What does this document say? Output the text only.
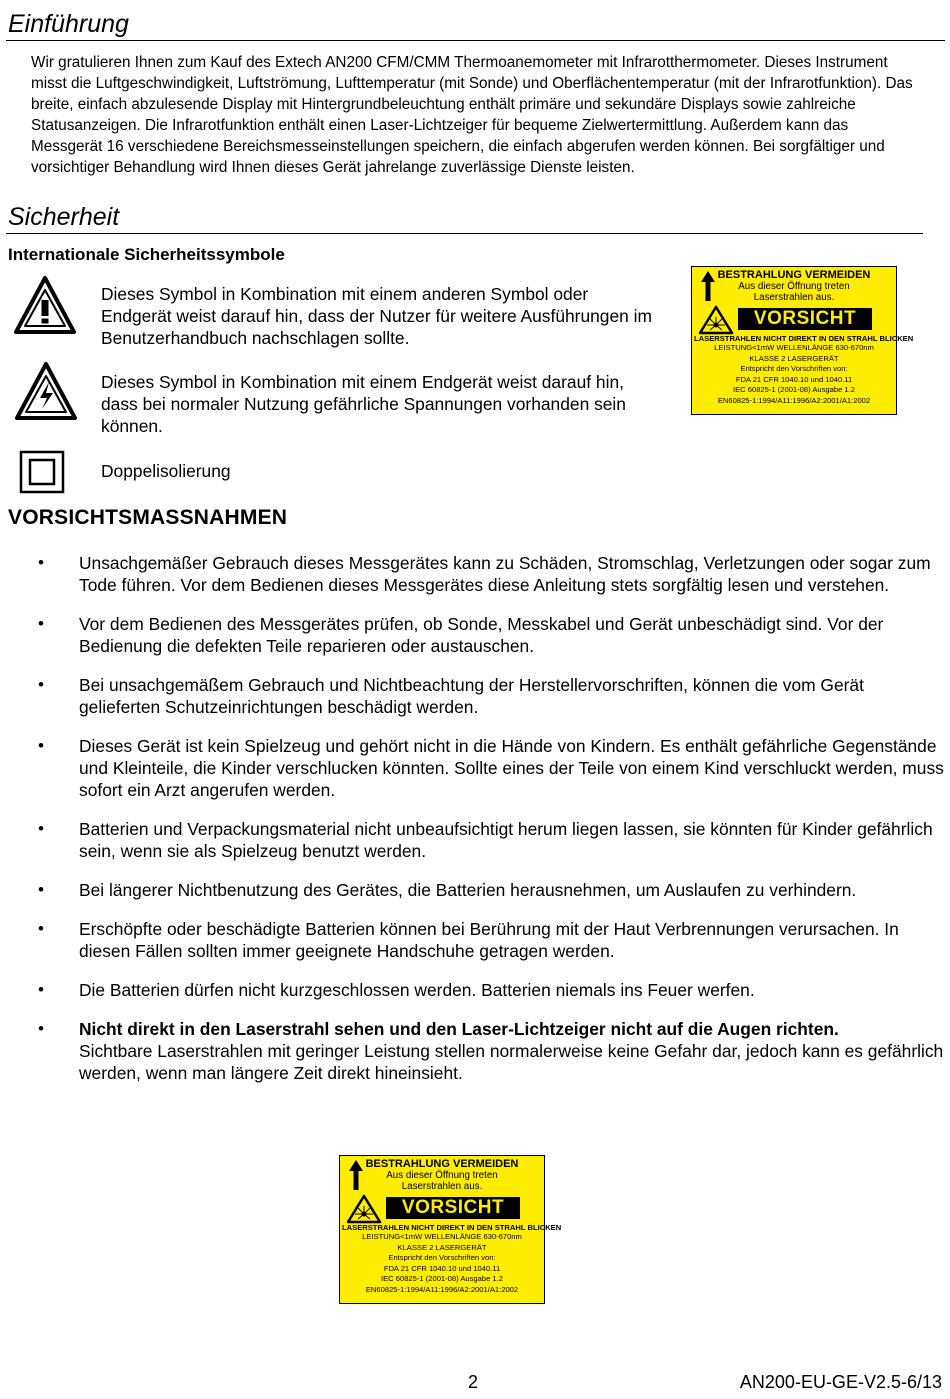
Einführung

Wir gratulieren Ihnen zum Kauf des Extech AN200 CFM/CMM Thermoanemometer mit Infrarotthermometer. Dieses Instrument misst die Luftgeschwindigkeit, Luftströmung, Lufttemperatur (mit Sonde) und Oberflächentemperatur (mit der Infrarotfunktion). Das breite, einfach abzulesende Display mit Hintergrundbeleuchtung enthält primäre und sekundäre Displays sowie zahlreiche Statusanzeigen. Die Infrarotfunktion enthält einen Laser-Lichtzeiger für bequeme Zielwertermittlung. Außerdem kann das Messgerät 16 verschiedene Bereichsmesseinstellungen speichern, die einfach abgerufen werden können. Bei sorgfältiger und vorsichtiger Behandlung wird Ihnen dieses Gerät jahrelange zuverlässige Dienste leisten.

Sicherheit

Internationale Sicherheitssymbole

Dieses Symbol in Kombination mit einem anderen Symbol oder Endgerät weist darauf hin, dass der Nutzer für weitere Ausführungen im Benutzerhandbuch nachschlagen sollte.

Dieses Symbol in Kombination mit einem Endgerät weist darauf hin, dass bei normaler Nutzung gefährliche Spannungen vorhanden sein können.

Doppelisolierung

BESTRAHLUNG VERMEIDEN
Aus dieser Öffnung treten
Laserstrahlen aus.
VORSICHT
LASERSTRAHLEN NICHT DIREKT IN DEN STRAHL BLICKEN
LEISTUNG<1mW WELLENLÄNGE 630-670nm
KLASSE 2 LASERGERÄT
Entspricht den Vorschriften von:
FDA 21 CFR 1040.10 und 1040.11
IEC 60825-1 (2001-08) Ausgabe 1.2
EN60825-1:1994/A11:1996/A2:2001/A1:2002
VORSICHTSMASSNAHMEN
• Unsachgemäßer Gebrauch dieses Messgerätes kann zu Schäden, Stromschlag, Verletzungen oder sogar zum Tode führen. Vor dem Bedienen dieses Messgerätes diese Anleitung stets sorgfältig lesen und verstehen.
• Vor dem Bedienen des Messgerätes prüfen, ob Sonde, Messkabel und Gerät unbeschädigt sind. Vor der Bedienung die defekten Teile reparieren oder austauschen.
• Bei unsachgemäßem Gebrauch und Nichtbeachtung der Herstellervorschriften, können die vom Gerät gelieferten Schutzeinrichtungen beschädigt werden.
• Dieses Gerät ist kein Spielzeug und gehört nicht in die Hände von Kindern. Es enthält gefährliche Gegenstände und Kleinteile, die Kinder verschlucken könnten. Sollte eines der Teile von einem Kind verschluckt werden, muss sofort ein Arzt angerufen werden.
• Batterien und Verpackungsmaterial nicht unbeaufsichtigt herum liegen lassen, sie könnten für Kinder gefährlich sein, wenn sie als Spielzeug benutzt werden.
• Bei längerer Nichtbenutzung des Gerätes, die Batterien herausnehmen, um Auslaufen zu verhindern.
• Erschöpfte oder beschädigte Batterien können bei Berührung mit der Haut Verbrennungen verursachen. In diesen Fällen sollten immer geeignete Handschuhe getragen werden.
• Die Batterien dürfen nicht kurzgeschlossen werden. Batterien niemals ins Feuer werfen.
• Nicht direkt in den Laserstrahl sehen und den Laser-Lichtzeiger nicht auf die Augen richten.
Sichtbare Laserstrahlen mit geringer Leistung stellen normalerweise keine Gefahr dar, jedoch kann es gefährlich werden, wenn man längere Zeit direkt hineinsieht.
BESTRAHLUNG VERMEIDEN
Aus dieser Öffnung treten
Laserstrahlen aus.
VORSICHT
LASERSTRAHLEN NICHT DIREKT IN DEN STRAHL BLICKEN
LEISTUNG<1mW WELLENLÄNGE 630-670nm
KLASSE 2 LASERGERÄT
Entspricht den Vorschriften von:
FDA 21 CFR 1040.10 und 1040.11
IEC 60825-1 (2001-08) Ausgabe 1.2
EN60825-1:1994/A11:1996/A2:2001/A1:2002

2	AN200-EU-GE-V2.5-6/13
